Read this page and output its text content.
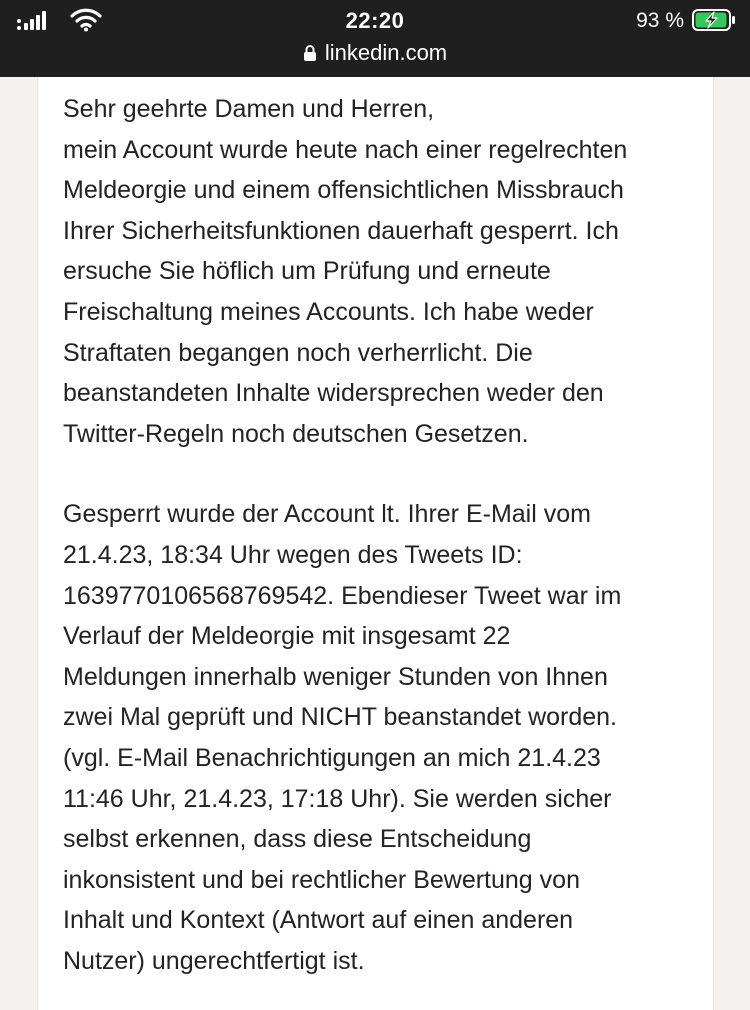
22:20
linkedin.com
93 %

Sehr geehrte Damen und Herren,
mein Account wurde heute nach einer regelrechten
Meldeorgie und einem offensichtlichen Missbrauch
Ihrer Sicherheitsfunktionen dauerhaft gesperrt. Ich
ersuche Sie höflich um Prüfung und erneute
Freischaltung meines Accounts. Ich habe weder
Straftaten begangen noch verherrlicht. Die
beanstandeten Inhalte widersprechen weder den
Twitter-Regeln noch deutschen Gesetzen.

Gesperrt wurde der Account lt. Ihrer E-Mail vom
21.4.23, 18:34 Uhr wegen des Tweets ID:
1639770106568769542. Ebendieser Tweet war im
Verlauf der Meldeorgie mit insgesamt 22
Meldungen innerhalb weniger Stunden von Ihnen
zwei Mal geprüft und NICHT beanstandet worden.
(vgl. E-Mail Benachrichtigungen an mich 21.4.23
11:46 Uhr, 21.4.23, 17:18 Uhr). Sie werden sicher
selbst erkennen, dass diese Entscheidung
inkonsistent und bei rechtlicher Bewertung von
Inhalt und Kontext (Antwort auf einen anderen
Nutzer) ungerechtfertigt ist.
